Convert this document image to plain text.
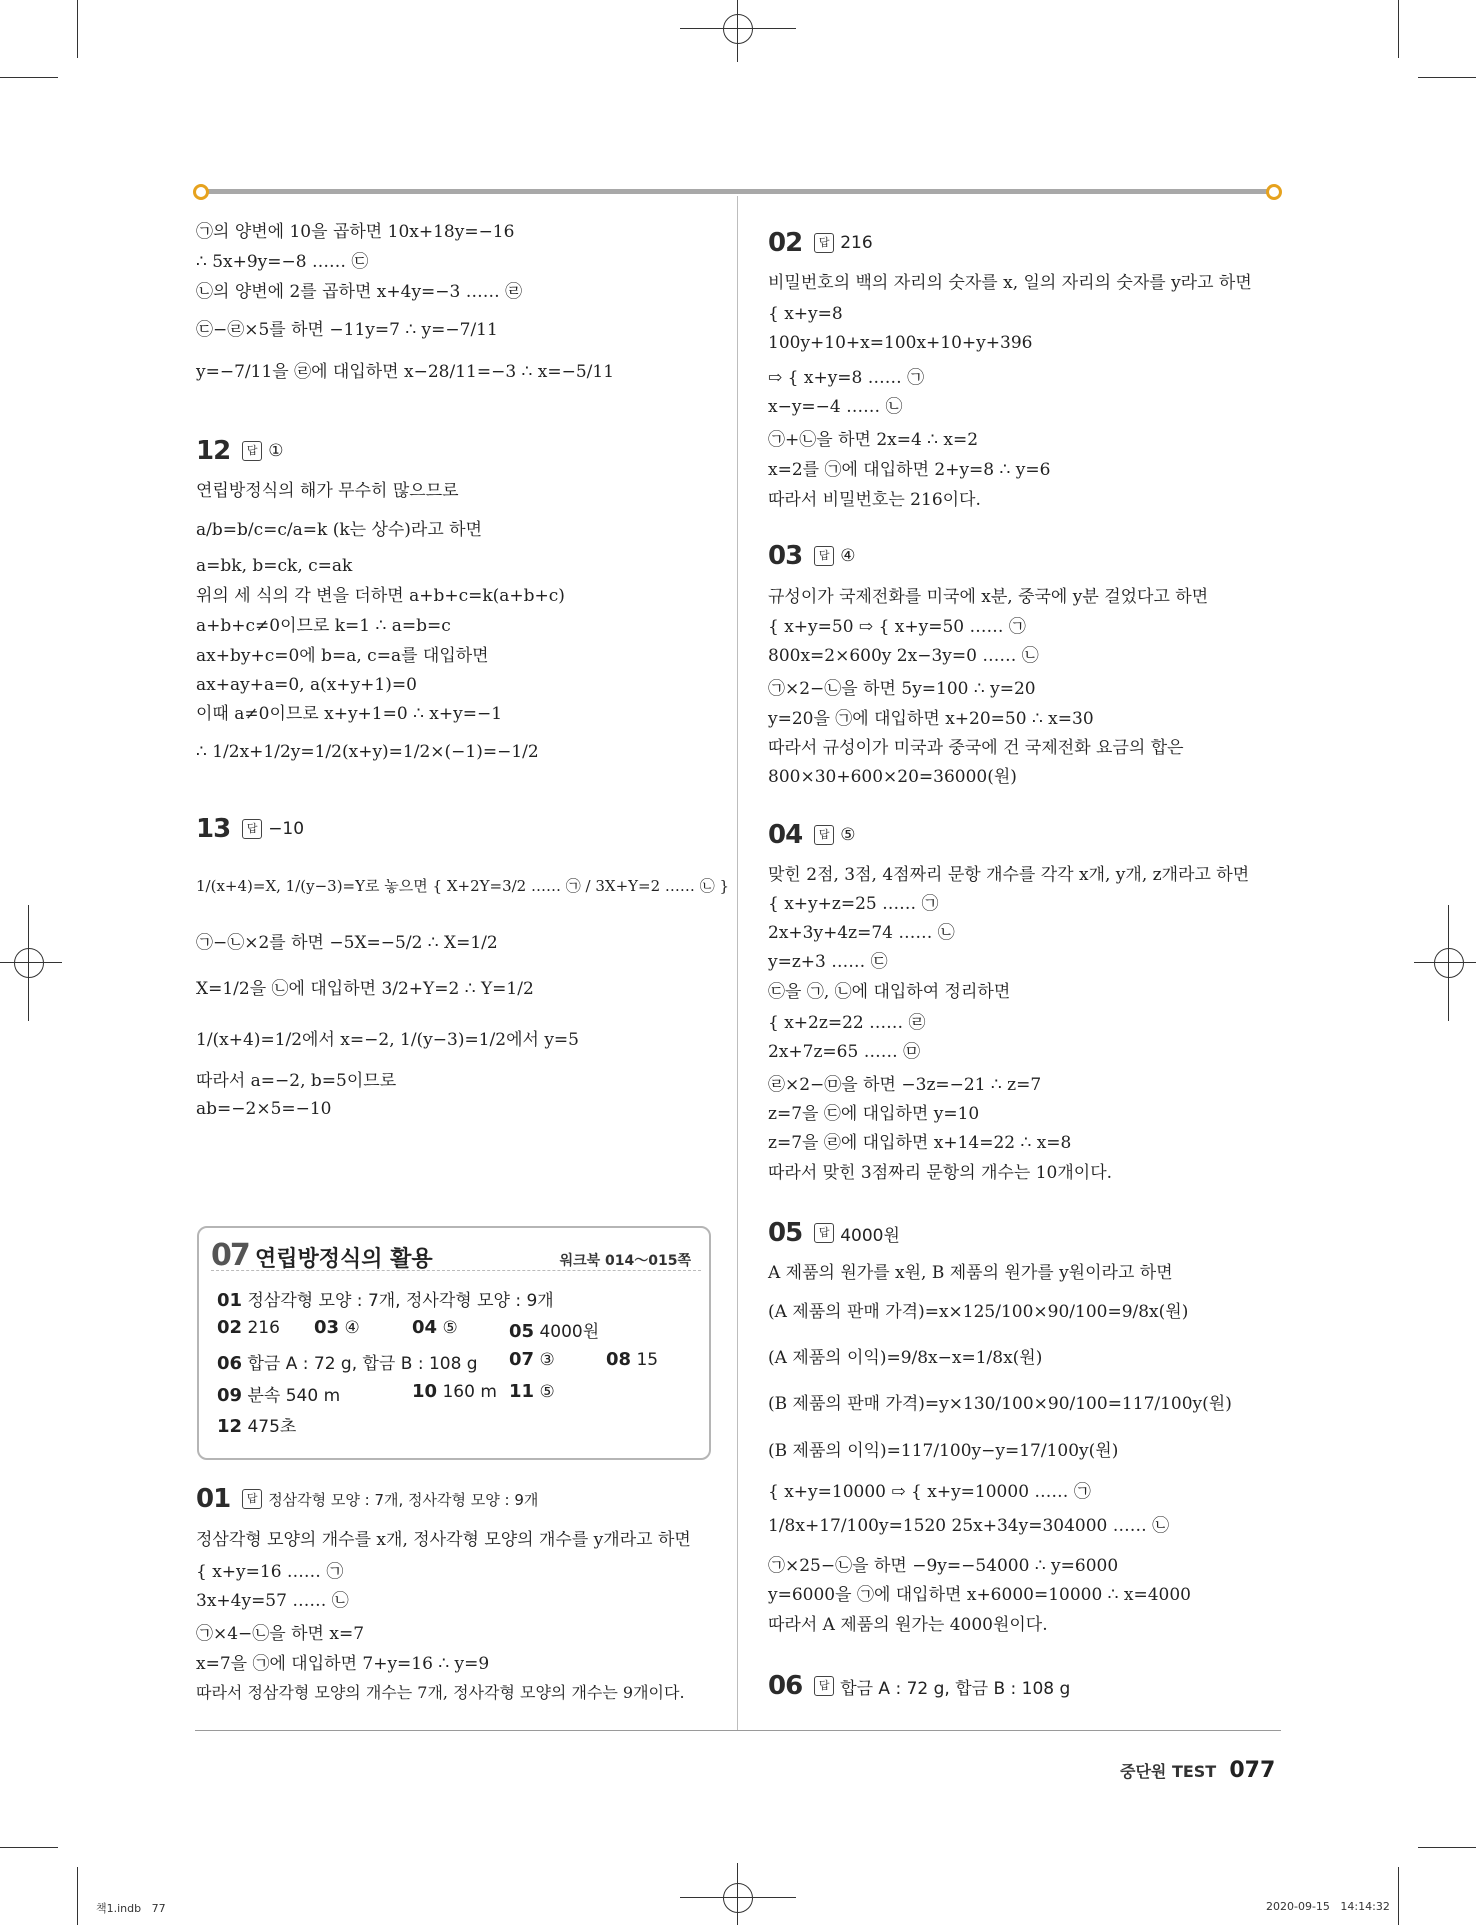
㉠의 양변에 10을 곱하면 10x+18y=−16
∴ 5x+9y=−8 …… ㉢
㉡의 양변에 2를 곱하면 x+4y=−3 …… ㉣
㉢−㉣×5를 하면 −11y=7 ∴ y=−7/11
y=−7/11을 ㉣에 대입하면 x−28/11=−3 ∴ x=−5/11
12	답 ①
연립방정식의 해가 무수히 많으므로
a/b=b/c=c/a=k (k는 상수)라고 하면
a=bk, b=ck, c=ak
위의 세 식의 각 변을 더하면 a+b+c=k(a+b+c)
a+b+c≠0이므로 k=1 ∴ a=b=c
ax+by+c=0에 b=a, c=a를 대입하면
ax+ay+a=0, a(x+y+1)=0
이때 a≠0이므로 x+y+1=0 ∴ x+y=−1
∴ 1/2x+1/2y=1/2(x+y)=1/2×(−1)=−1/2
13	답 −10
1/(x+4)=X, 1/(y−3)=Y로 놓으면 { X+2Y=3/2 …… ㉠ / 3X+Y=2 …… ㉡ }
㉠−㉡×2를 하면 −5X=−5/2 ∴ X=1/2
X=1/2을 ㉡에 대입하면 3/2+Y=2 ∴ Y=1/2
1/(x+4)=1/2에서 x=−2, 1/(y−3)=1/2에서 y=5
따라서 a=−2, b=5이므로
ab=−2×5=−10
07 연립방정식의 활용	워크북 014～015쪽
01 정삼각형 모양 : 7개, 정사각형 모양 : 9개
02 216 03 ④	04 ⑤	05 4000원
06 합금 A : 72 g, 합금 B : 108 g 07 ③	08 15
09 분속 540 m	10 160 m 11 ⑤
12 475초
01	답 정삼각형 모양 : 7개, 정사각형 모양 : 9개
정삼각형 모양의 개수를 x개, 정사각형 모양의 개수를 y개라고 하면
{ x+y=16 …… ㉠
3x+4y=57 …… ㉡
㉠×4−㉡을 하면 x=7
x=7을 ㉠에 대입하면 7+y=16 ∴ y=9
따라서 정삼각형 모양의 개수는 7개, 정사각형 모양의 개수는 9개이다.
02	답 216
비밀번호의 백의 자리의 숫자를 x, 일의 자리의 숫자를 y라고 하면
{ x+y=8
100y+10+x=100x+10+y+396
⇨ { x+y=8 …… ㉠
x−y=−4 …… ㉡
㉠+㉡을 하면 2x=4 ∴ x=2
x=2를 ㉠에 대입하면 2+y=8 ∴ y=6
따라서 비밀번호는 216이다.
03	답 ④
규성이가 국제전화를 미국에 x분, 중국에 y분 걸었다고 하면
{ x+y=50 ⇨ { x+y=50 …… ㉠
800x=2×600y 2x−3y=0 …… ㉡
㉠×2−㉡을 하면 5y=100 ∴ y=20
y=20을 ㉠에 대입하면 x+20=50 ∴ x=30
따라서 규성이가 미국과 중국에 건 국제전화 요금의 합은
800×30+600×20=36000(원)
04	답 ⑤
맞힌 2점, 3점, 4점짜리 문항 개수를 각각 x개, y개, z개라고 하면
{ x+y+z=25 …… ㉠
2x+3y+4z=74 …… ㉡
y=z+3 …… ㉢
㉢을 ㉠, ㉡에 대입하여 정리하면
{ x+2z=22 …… ㉣
2x+7z=65 …… ㉤
㉣×2−㉤을 하면 −3z=−21 ∴ z=7
z=7을 ㉢에 대입하면 y=10
z=7을 ㉣에 대입하면 x+14=22 ∴ x=8
따라서 맞힌 3점짜리 문항의 개수는 10개이다.
05	답 4000원
A 제품의 원가를 x원, B 제품의 원가를 y원이라고 하면
(A 제품의 판매 가격)=x×125/100×90/100=9/8x(원)
(A 제품의 이익)=9/8x−x=1/8x(원)
(B 제품의 판매 가격)=y×130/100×90/100=117/100y(원)
(B 제품의 이익)=117/100y−y=17/100y(원)
{ x+y=10000 ⇨ { x+y=10000 …… ㉠
1/8x+17/100y=1520 25x+34y=304000 …… ㉡
㉠×25−㉡을 하면 −9y=−54000 ∴ y=6000
y=6000을 ㉠에 대입하면 x+6000=10000 ∴ x=4000
따라서 A 제품의 원가는 4000원이다.
06	답 합금 A : 72 g, 합금 B : 108 g
중단원 TEST 077
책1.indb   77	2020-09-15   14:14:32
